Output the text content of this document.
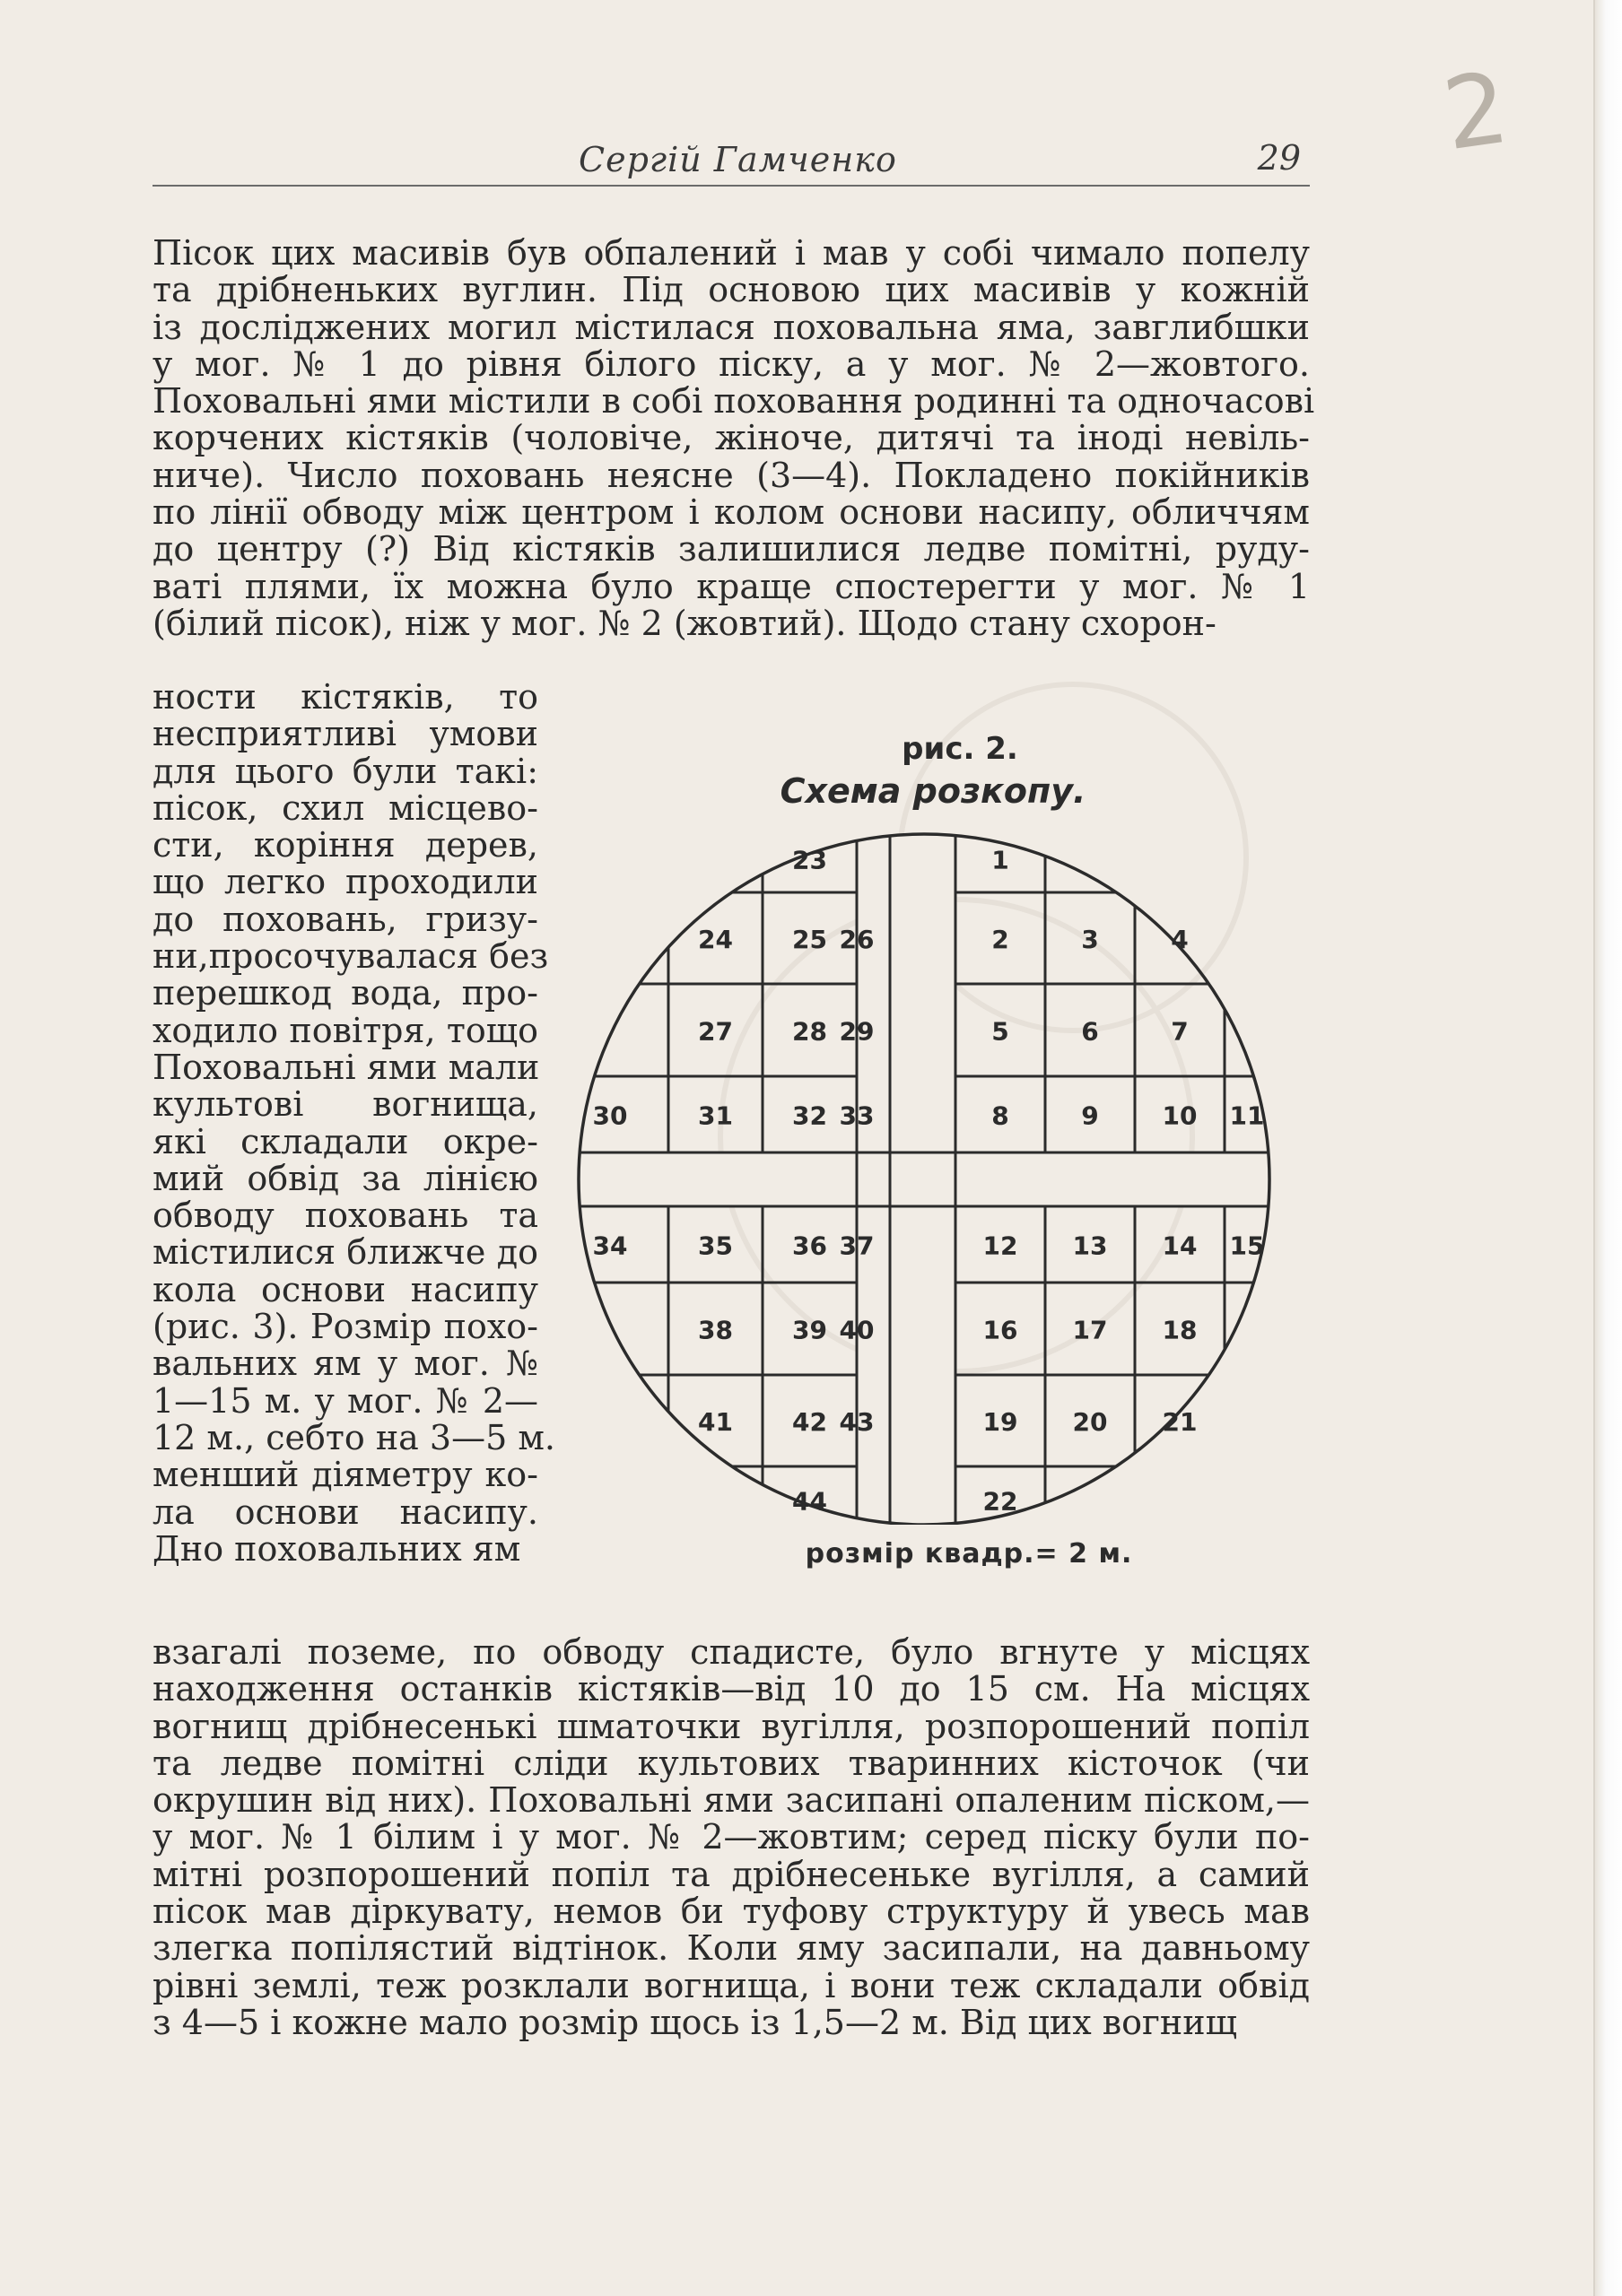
2
Сергій Гамченко	29
Пісок цих масивів був обпалений і мав у собі чимало попелу
та дрібненьких вуглин. Під основою цих масивів у кожній
із досліджених могил містилася поховальна яма, завглибшки
у мог. № 1 до рівня білого піску, а у мог. № 2—жовтого.
Поховальні ями містили в собі поховання родинні та одночасові
корчених кістяків (чоловіче, жіноче, дитячі та іноді невіль-
ниче). Число поховань неясне (3—4). Покладено покійників
по лінії обводу між центром і колом основи насипу, обличчям
до центру (?) Від кістяків залишилися ледве помітні, руду-
ваті плями, їх можна було краще спостерегти у мог. № 1
(білий пісок), ніж у мог. № 2 (жовтий). Щодо стану схорон-
ности кістяків, то
несприятливі умови
для цього були такі:
пісок, схил місцево-
сти, коріння дерев,
що легко проходили
до поховань, гризу-
ни,просочувалася без
перешкод вода, про-
ходило повітря, тощо
Поховальні ями мали
культові вогнища,
які складали окре-
мий обвід за лінією
обводу поховань та
містилися ближче до
кола основи насипу
(рис. 3). Розмір похо-
вальних ям у мог. №
1—15 м. у мог. № 2—
12 м., себто на 3—5 м.
менший діяметру ко-
ла основи насипу.
Дно поховальних ям
взагалі поземе, по обводу спадисте, було вгнуте у місцях
находження останків кістяків—від 10 до 15 см. На місцях
вогнищ дрібнесенькі шматочки вугілля, розпорошений попіл
та ледве помітні сліди культових тваринних кісточок (чи
окрушин від них). Поховальні ями засипані опаленим піском,—
у мог. № 1 білим і у мог. № 2—жовтим; серед піску були по-
мітні розпорошений попіл та дрібнесеньке вугілля, а самий
пісок мав діркувату, немов би туфову структуру й увесь мав
злегка попілястий відтінок. Коли яму засипали, на давньому
рівні землі, теж розклали вогнища, і вони теж складали обвід
з 4—5 і кожне мало розмір щось із 1,5—2 м. Від цих вогнищ
рис. 2.
Схема розкопу.
23	1
24 25 26	2	3	4
27 28 29	5	6	7
30	31 32 33	8	9	10 11
34	35 36 37	12 13 14 15
38 39 40	16 17 18
41 42 43	19 20 21
44	22
розмір квадр.= 2 м.
